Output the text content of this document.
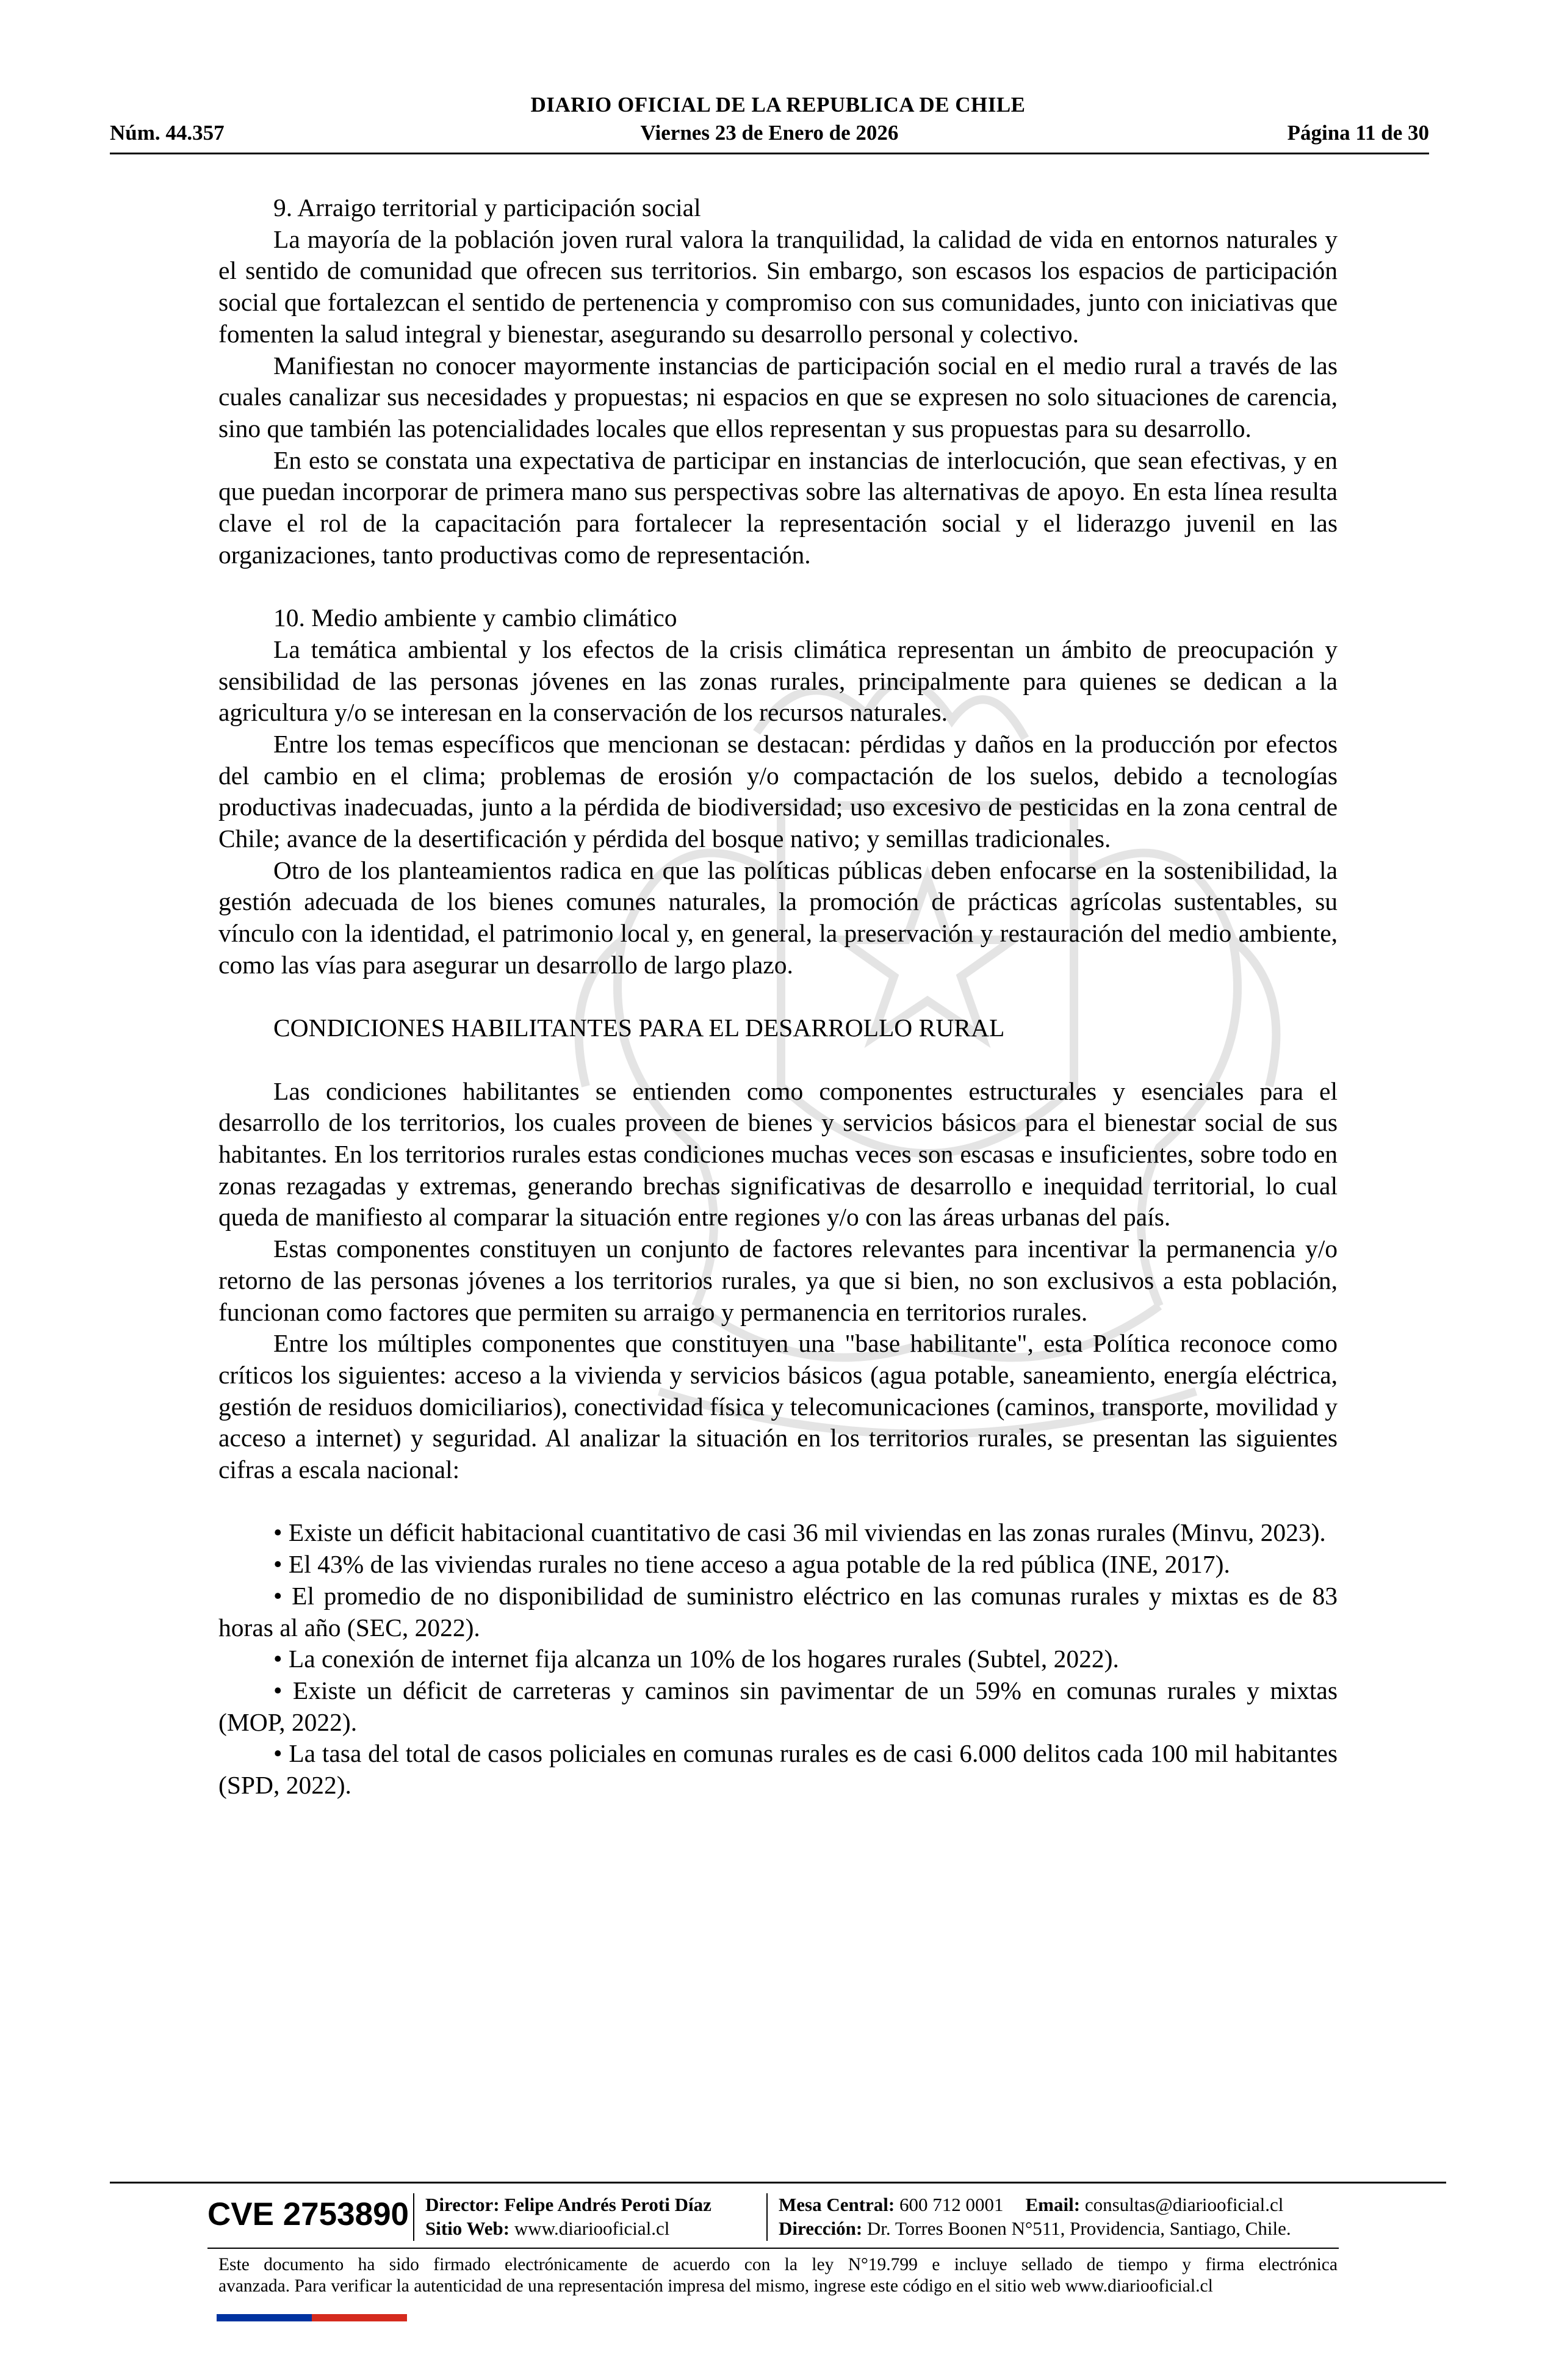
DIARIO OFICIAL DE LA REPUBLICA DE CHILE
Núm. 44.357	Viernes 23 de Enero de 2026	Página 11 de 30

9. Arraigo territorial y participación social

La mayoría de la población joven rural valora la tranquilidad, la calidad de vida en entornos naturales y el sentido de comunidad que ofrecen sus territorios. Sin embargo, son escasos los espacios de participación social que fortalezcan el sentido de pertenencia y compromiso con sus comunidades, junto con iniciativas que fomenten la salud integral y bienestar, asegurando su desarrollo personal y colectivo.

Manifiestan no conocer mayormente instancias de participación social en el medio rural a través de las cuales canalizar sus necesidades y propuestas; ni espacios en que se expresen no solo situaciones de carencia, sino que también las potencialidades locales que ellos representan y sus propuestas para su desarrollo.

En esto se constata una expectativa de participar en instancias de interlocución, que sean efectivas, y en que puedan incorporar de primera mano sus perspectivas sobre las alternativas de apoyo. En esta línea resulta clave el rol de la capacitación para fortalecer la representación social y el liderazgo juvenil en las organizaciones, tanto productivas como de representación.

10. Medio ambiente y cambio climático

La temática ambiental y los efectos de la crisis climática representan un ámbito de preocupación y sensibilidad de las personas jóvenes en las zonas rurales, principalmente para quienes se dedican a la agricultura y/o se interesan en la conservación de los recursos naturales.

Entre los temas específicos que mencionan se destacan: pérdidas y daños en la producción por efectos del cambio en el clima; problemas de erosión y/o compactación de los suelos, debido a tecnologías productivas inadecuadas, junto a la pérdida de biodiversidad; uso excesivo de pesticidas en la zona central de Chile; avance de la desertificación y pérdida del bosque nativo; y semillas tradicionales.

Otro de los planteamientos radica en que las políticas públicas deben enfocarse en la sostenibilidad, la gestión adecuada de los bienes comunes naturales, la promoción de prácticas agrícolas sustentables, su vínculo con la identidad, el patrimonio local y, en general, la preservación y restauración del medio ambiente, como las vías para asegurar un desarrollo de largo plazo.

CONDICIONES HABILITANTES PARA EL DESARROLLO RURAL

Las condiciones habilitantes se entienden como componentes estructurales y esenciales para el desarrollo de los territorios, los cuales proveen de bienes y servicios básicos para el bienestar social de sus habitantes. En los territorios rurales estas condiciones muchas veces son escasas e insuficientes, sobre todo en zonas rezagadas y extremas, generando brechas significativas de desarrollo e inequidad territorial, lo cual queda de manifiesto al comparar la situación entre regiones y/o con las áreas urbanas del país.

Estas componentes constituyen un conjunto de factores relevantes para incentivar la permanencia y/o retorno de las personas jóvenes a los territorios rurales, ya que si bien, no son exclusivos a esta población, funcionan como factores que permiten su arraigo y permanencia en territorios rurales.

Entre los múltiples componentes que constituyen una "base habilitante", esta Política reconoce como críticos los siguientes: acceso a la vivienda y servicios básicos (agua potable, saneamiento, energía eléctrica, gestión de residuos domiciliarios), conectividad física y telecomunicaciones (caminos, transporte, movilidad y acceso a internet) y seguridad. Al analizar la situación en los territorios rurales, se presentan las siguientes cifras a escala nacional:

• Existe un déficit habitacional cuantitativo de casi 36 mil viviendas en las zonas rurales (Minvu, 2023).

• El 43% de las viviendas rurales no tiene acceso a agua potable de la red pública (INE, 2017).

• El promedio de no disponibilidad de suministro eléctrico en las comunas rurales y mixtas es de 83 horas al año (SEC, 2022).

• La conexión de internet fija alcanza un 10% de los hogares rurales (Subtel, 2022).

• Existe un déficit de carreteras y caminos sin pavimentar de un 59% en comunas rurales y mixtas (MOP, 2022).

• La tasa del total de casos policiales en comunas rurales es de casi 6.000 delitos cada 100 mil habitantes (SPD, 2022).

CVE 2753890 Director: Felipe Andrés Peroti Díaz
Sitio Web: www.diariooficial.cl
Mesa Central: 600 712 0001 Email: consultas@diariooficial.cl
Dirección: Dr. Torres Boonen N°511, Providencia, Santiago, Chile.
Este documento ha sido firmado electrónicamente de acuerdo con la ley N°19.799 e incluye sellado de tiempo y firma electrónica
avanzada. Para verificar la autenticidad de una representación impresa del mismo, ingrese este código en el sitio web www.diariooficial.cl
